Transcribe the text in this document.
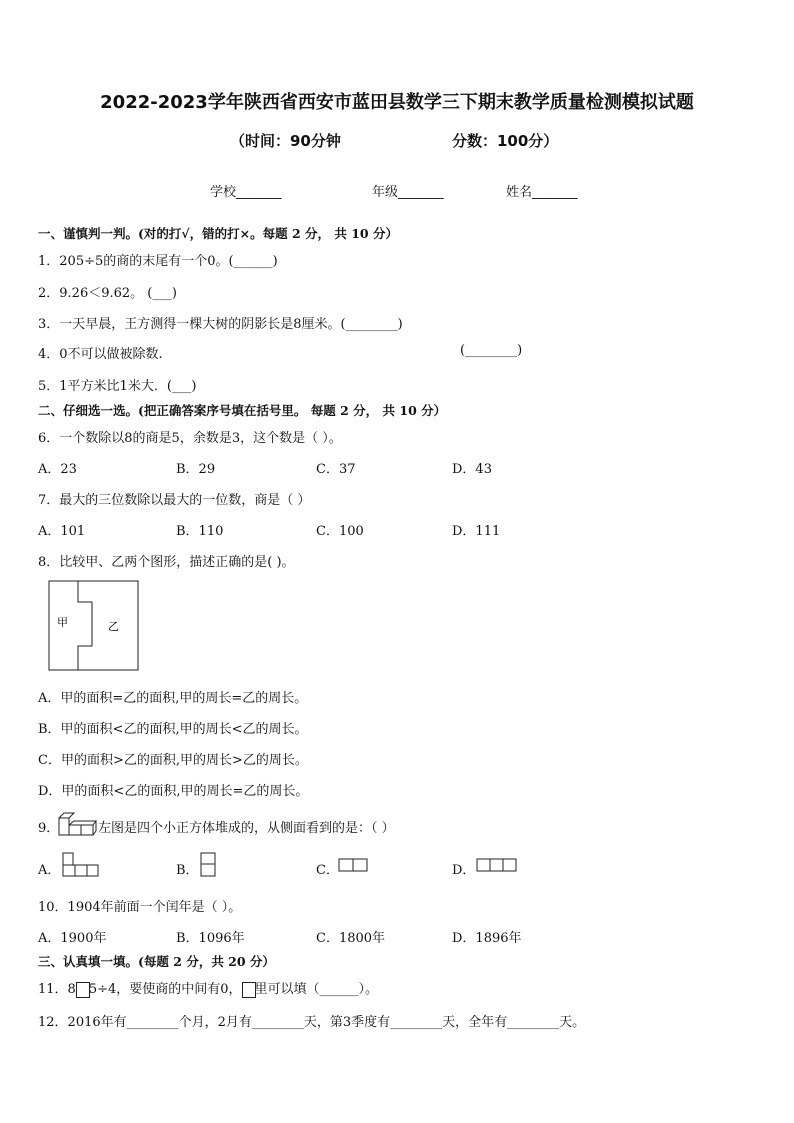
2022-2023学年陕西省西安市蓝田县数学三下期末教学质量检测模拟试题
（时间：90分钟	分数：100分）
学校_______	年级_______	姓名_______
一、谨慎判一判。(对的打√，错的打×。每题 2 分， 共 10 分）
1．205÷5的商的末尾有一个0。(______)
2．9.26＜9.62。 (___)
3．一天早晨，王方测得一棵大树的阴影长是8厘米。(________)
4．0不可以做被除数.	(________)
5．1平方米比1米大．(___)
二、仔细选一选。(把正确答案序号填在括号里。 每题 2 分， 共 10 分）
6．一个数除以8的商是5，余数是3，这个数是（ ）。
A．23	B．29	C．37	D．43
7．最大的三位数除以最大的一位数，商是（ ）
A．101	B．110	C．100	D．111
8．比较甲、乙两个图形，描述正确的是( )。
甲	乙
A．甲的面积=乙的面积,甲的周长=乙的周长。
B．甲的面积<乙的面积,甲的周长<乙的周长。
C．甲的面积>乙的面积,甲的周长>乙的周长。
D．甲的面积<乙的面积,甲的周长=乙的周长。
9．	左图是四个小正方体堆成的，从侧面看到的是：（ ）
A．	B．	C．	D．
10．1904年前面一个闰年是（ ）。
A．1900年	B．1096年	C．1800年	D．1896年
三、认真填一填。(每题 2 分，共 20 分）
11．8 5÷4，要使商的中间有0， 里可以填（______）。
12．2016年有________个月，2月有________天，第3季度有________天，全年有________天。
